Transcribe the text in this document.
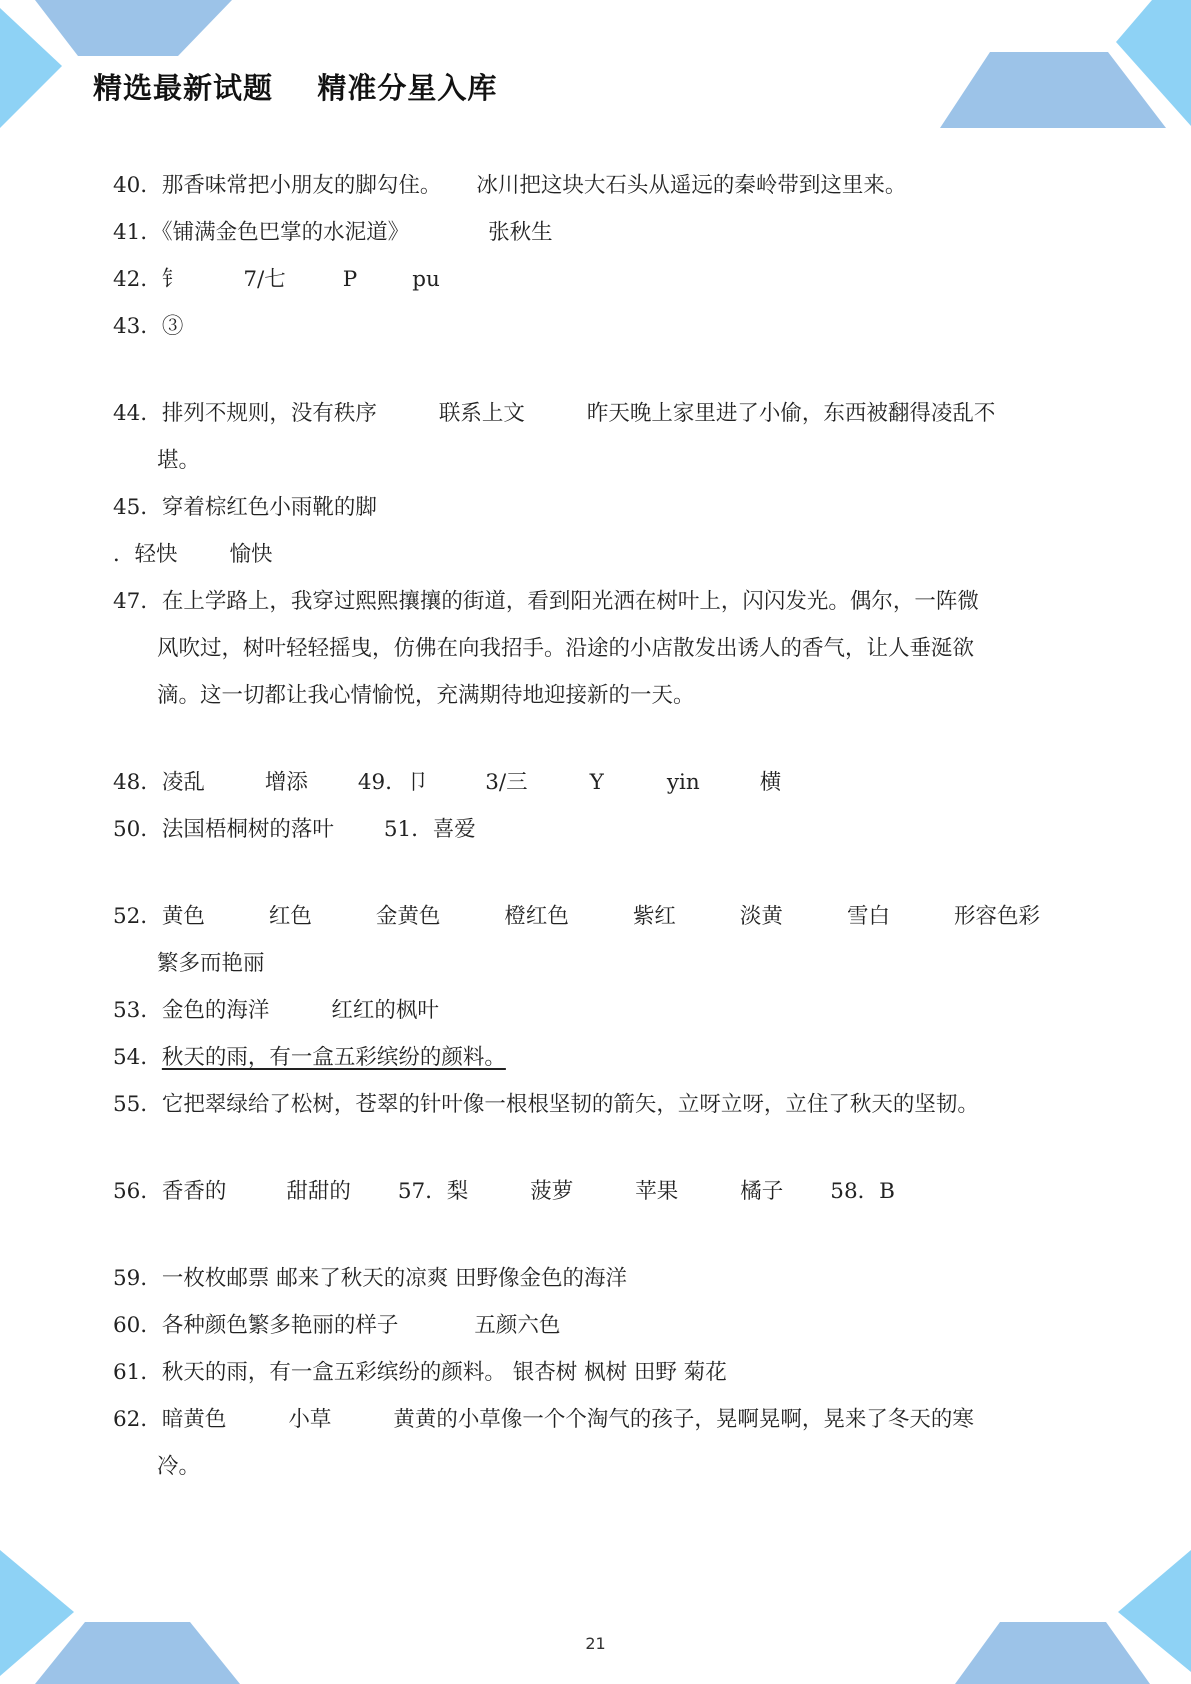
精选最新试题    精准分星入库
40．那香味常把小朋友的脚勾住。 冰川把这块大石头从遥远的秦岭带到这里来。
41．《铺满金色巴掌的水泥道》	张秋生
42．钅	7/七	P	pu
43．③
44．排列不规则，没有秩序	联系上文	昨天晚上家里进了小偷，东西被翻得凌乱不
堪。
45．穿着棕红色小雨靴的脚
．轻快 愉快
47．在上学路上，我穿过熙熙攘攘的街道，看到阳光洒在树叶上，闪闪发光。偶尔，一阵微
风吹过，树叶轻轻摇曳，仿佛在向我招手。沿途的小店散发出诱人的香气，让人垂涎欲
滴。这一切都让我心情愉悦，充满期待地迎接新的一天。
48．凌乱	增添 49．卩	3/三	Y	yin	横
50．法国梧桐树的落叶 51．喜爱
52．黄色	红色	金黄色	橙红色	紫红	淡黄	雪白	形容色彩
繁多而艳丽
53．金色的海洋	红红的枫叶
54．秋天的雨，有一盒五彩缤纷的颜料。
55．它把翠绿给了松树，苍翠的针叶像一根根坚韧的箭矢，立呀立呀，立住了秋天的坚韧。
56．香香的	甜甜的 57．梨	菠萝	苹果	橘子 58．B
59．一枚枚邮票 邮来了秋天的凉爽 田野像金色的海洋
60．各种颜色繁多艳丽的样子	五颜六色
61．秋天的雨，有一盒五彩缤纷的颜料。 银杏树 枫树 田野 菊花
62．暗黄色	小草	黄黄的小草像一个个淘气的孩子，晃啊晃啊，晃来了冬天的寒
冷。
21
